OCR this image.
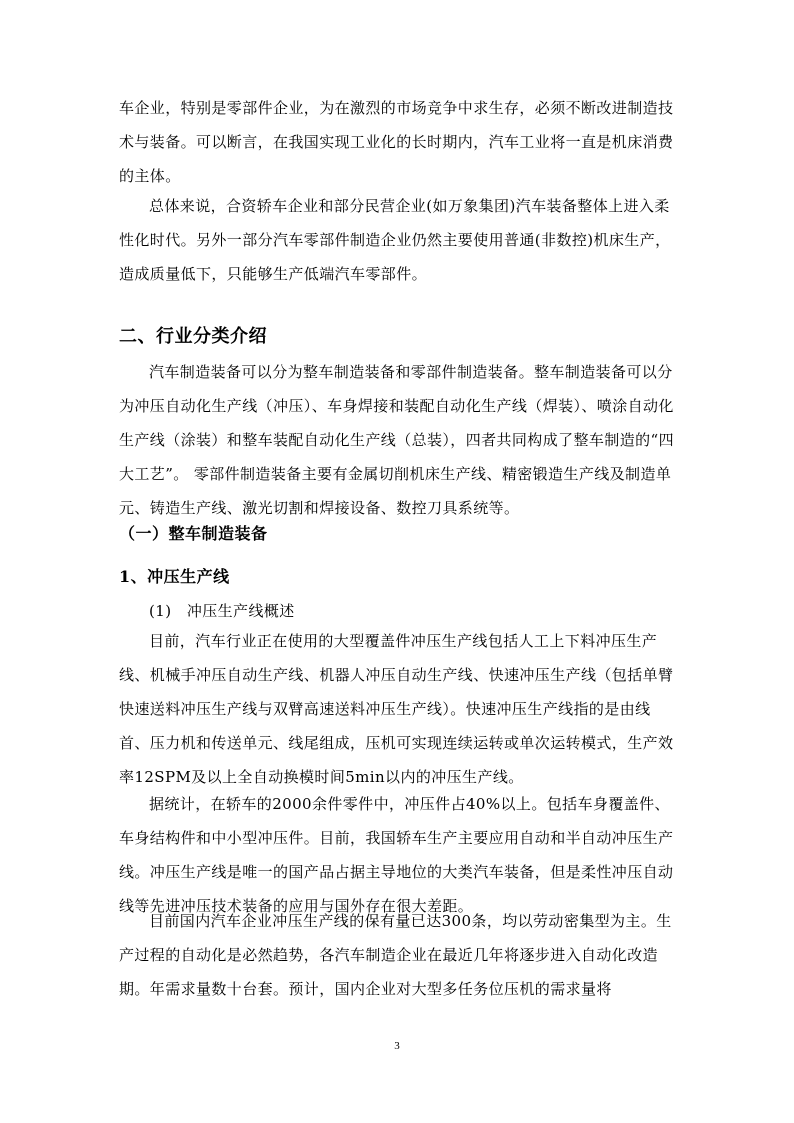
车企业，特别是零部件企业，为在激烈的市场竞争中求生存，必须不断改进制造技术与装备。可以断言，在我国实现工业化的长时期内，汽车工业将一直是机床消费的主体。

总体来说，合资轿车企业和部分民营企业(如万象集团)汽车装备整体上进入柔性化时代。另外一部分汽车零部件制造企业仍然主要使用普通(非数控)机床生产，造成质量低下，只能够生产低端汽车零部件。

二、行业分类介绍

汽车制造装备可以分为整车制造装备和零部件制造装备。整车制造装备可以分为冲压自动化生产线（冲压）、车身焊接和装配自动化生产线（焊装）、喷涂自动化生产线（涂装）和整车装配自动化生产线（总装），四者共同构成了整车制造的“四大工艺”。 零部件制造装备主要有金属切削机床生产线、精密锻造生产线及制造单元、铸造生产线、激光切割和焊接设备、数控刀具系统等。

（一）整车制造装备
1、冲压生产线

(1)　冲压生产线概述

目前，汽车行业正在使用的大型覆盖件冲压生产线包括人工上下料冲压生产线、机械手冲压自动生产线、机器人冲压自动生产线、快速冲压生产线（包括单臂快速送料冲压生产线与双臂高速送料冲压生产线）。快速冲压生产线指的是由线首、压力机和传送单元、线尾组成，压机可实现连续运转或单次运转模式，生产效率12SPM及以上全自动换模时间5min以内的冲压生产线。

据统计，在轿车的2000余件零件中，冲压件占40%以上。包括车身覆盖件、车身结构件和中小型冲压件。目前，我国轿车生产主要应用自动和半自动冲压生产线。冲压生产线是唯一的国产品占据主导地位的大类汽车装备，但是柔性冲压自动线等先进冲压技术装备的应用与国外存在很大差距。

目前国内汽车企业冲压生产线的保有量已达300条，均以劳动密集型为主。生产过程的自动化是必然趋势，各汽车制造企业在最近几年将逐步进入自动化改造期。年需求量数十台套。预计，国内企业对大型多任务位压机的需求量将

3
